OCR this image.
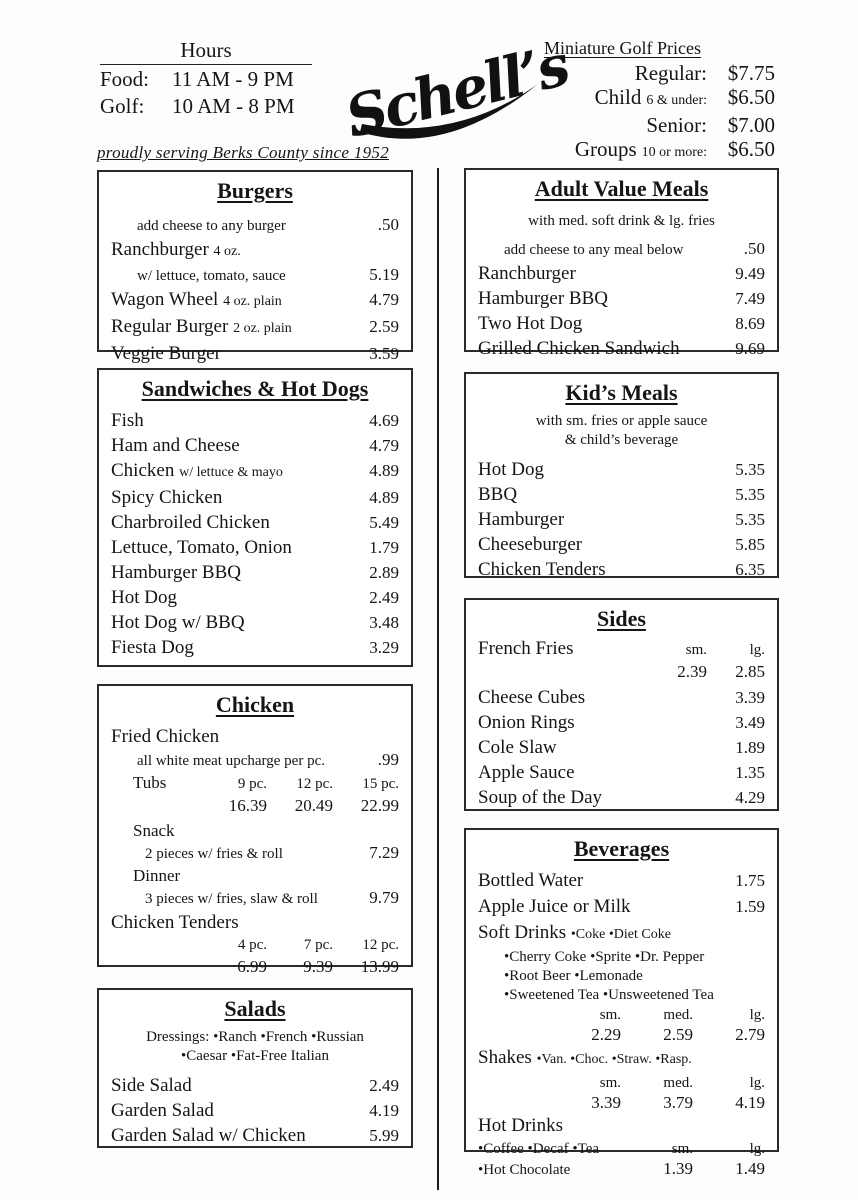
Hours
Food:	11 AM - 9 PM
Golf:	10 AM - 8 PM Schell’s
Miniature Golf Prices
Regular: $7.75
Child 6 & under: $6.50
Senior: $7.00
Groups 10 or more: $6.50
proudly serving Berks County since 1952
Burgers
add cheese to any burger	.50
Ranchburger 4 oz.
w/ lettuce, tomato, sauce	5.19
Wagon Wheel 4 oz. plain	4.79
Regular Burger 2 oz. plain	2.59
Veggie Burger	3.59
Sandwiches & Hot Dogs
Fish	4.69
Ham and Cheese	4.79
Chicken w/ lettuce & mayo	4.89
Spicy Chicken	4.89
Charbroiled Chicken	5.49
Lettuce, Tomato, Onion	1.79
Hamburger BBQ	2.89
Hot Dog	2.49
Hot Dog w/ BBQ	3.48
Fiesta Dog	3.29
Chicken
Fried Chicken
all white meat upcharge per pc.	.99
Tubs	9 pc.	12 pc.	15 pc.
16.39	20.49	22.99
Snack
2 pieces w/ fries & roll	7.29
Dinner
3 pieces w/ fries, slaw & roll	9.79
Chicken Tenders
4 pc.	7 pc.	12 pc.
6.99	9.39	13.99
Salads
Dressings: •Ranch •French •Russian
•Caesar •Fat-Free Italian
Side Salad	2.49
Garden Salad	4.19
Garden Salad w/ Chicken	5.99
Adult Value Meals
with med. soft drink & lg. fries
add cheese to any meal below	.50
Ranchburger	9.49
Hamburger BBQ	7.49
Two Hot Dog	8.69
Grilled Chicken Sandwich	9.69
Kid’s Meals
with sm. fries or apple sauce
& child’s beverage
Hot Dog	5.35
BBQ	5.35
Hamburger	5.35
Cheeseburger	5.85
Chicken Tenders	6.35
Sides
French Fries	sm.	lg.
2.39	2.85
Cheese Cubes	3.39
Onion Rings	3.49
Cole Slaw	1.89
Apple Sauce	1.35
Soup of the Day	4.29
Beverages
Bottled Water	1.75
Apple Juice or Milk	1.59
Soft Drinks •Coke •Diet Coke
•Cherry Coke •Sprite •Dr. Pepper
•Root Beer •Lemonade
•Sweetened Tea •Unsweetened Tea
sm.	med.	lg.
2.29	2.59	2.79
Shakes •Van. •Choc. •Straw. •Rasp.
sm.	med.	lg.
3.39	3.79	4.19
Hot Drinks
•Coffee •Decaf •Tea	sm.	lg.
•Hot Chocolate	1.39	1.49
